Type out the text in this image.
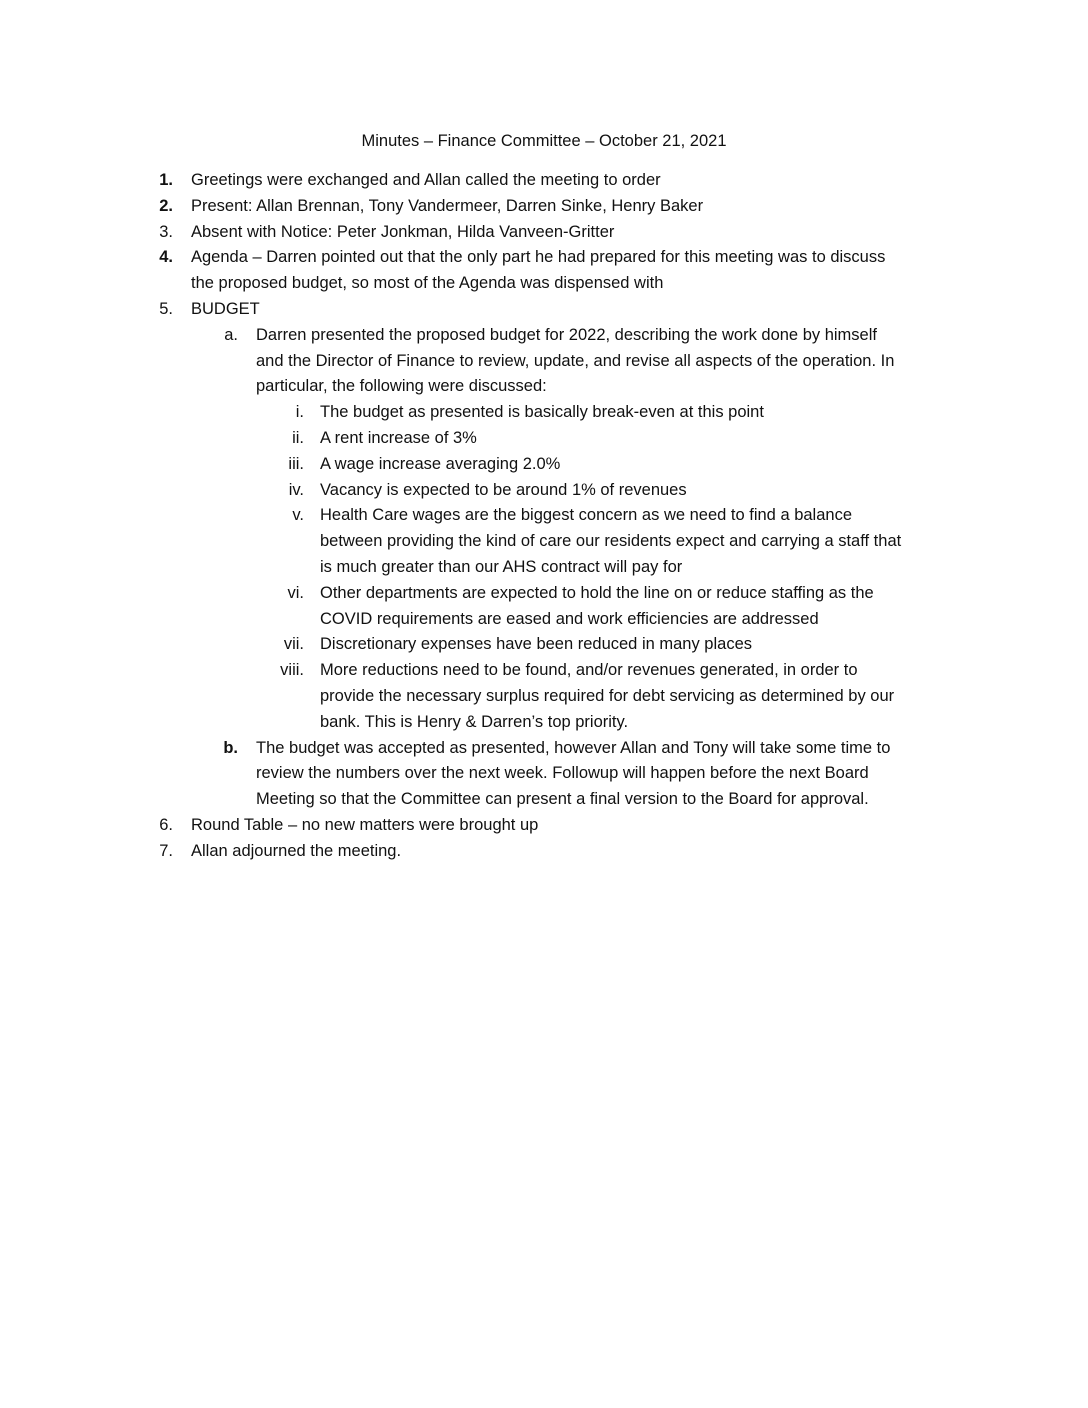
Minutes – Finance Committee – October 21, 2021
1. Greetings were exchanged and Allan called the meeting to order
2. Present: Allan Brennan, Tony Vandermeer, Darren Sinke, Henry Baker
3. Absent with Notice: Peter Jonkman, Hilda Vanveen-Gritter
4. Agenda – Darren pointed out that the only part he had prepared for this meeting was to discuss
the proposed budget, so most of the Agenda was dispensed with
5. BUDGET
a. Darren presented the proposed budget for 2022, describing the work done by himself
and the Director of Finance to review, update, and revise all aspects of the operation. In
particular, the following were discussed:
i. The budget as presented is basically break-even at this point
ii. A rent increase of 3%
iii. A wage increase averaging 2.0%
iv. Vacancy is expected to be around 1% of revenues
v. Health Care wages are the biggest concern as we need to find a balance
between providing the kind of care our residents expect and carrying a staff that
is much greater than our AHS contract will pay for
vi. Other departments are expected to hold the line on or reduce staffing as the
COVID requirements are eased and work efficiencies are addressed
vii. Discretionary expenses have been reduced in many places
viii. More reductions need to be found, and/or revenues generated, in order to
provide the necessary surplus required for debt servicing as determined by our
bank. This is Henry & Darren’s top priority.
b. The budget was accepted as presented, however Allan and Tony will take some time to
review the numbers over the next week. Followup will happen before the next Board
Meeting so that the Committee can present a final version to the Board for approval.
6. Round Table – no new matters were brought up
7. Allan adjourned the meeting.
